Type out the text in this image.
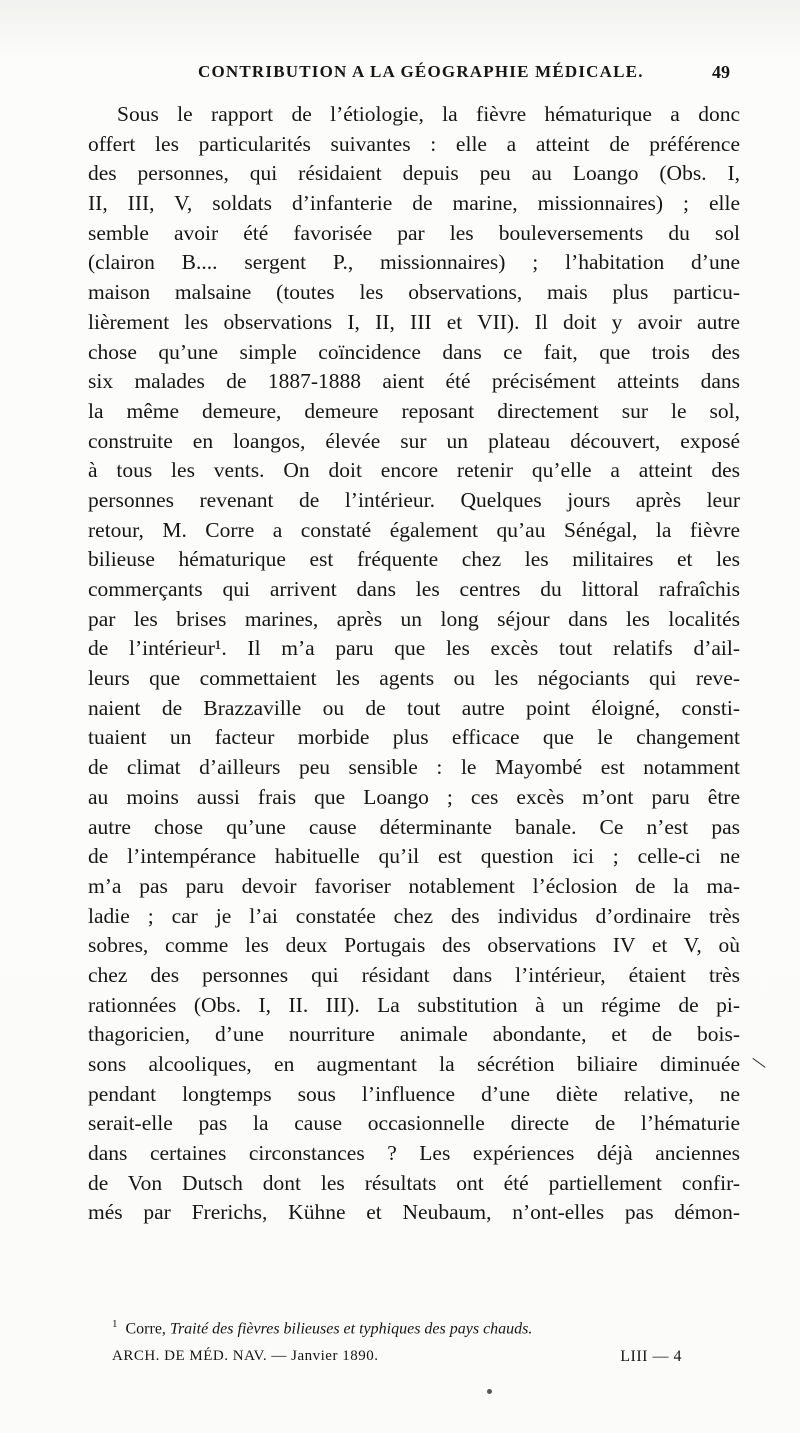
CONTRIBUTION A LA GÉOGRAPHIE MÉDICALE.	49
Sous le rapport de l’étiologie, la fièvre hématurique a donc
offert les particularités suivantes : elle a atteint de préférence
des personnes, qui résidaient depuis peu au Loango (Obs. I,
II, III, V, soldats d’infanterie de marine, missionnaires) ; elle
semble avoir été favorisée par les bouleversements du sol
(clairon B.... sergent P., missionnaires) ; l’habitation d’une
maison malsaine (toutes les observations, mais plus particu-
lièrement les observations I, II, III et VII). Il doit y avoir autre
chose qu’une simple coïncidence dans ce fait, que trois des
six malades de 1887-1888 aient été précisément atteints dans
la même demeure, demeure reposant directement sur le sol,
construite en loangos, élevée sur un plateau découvert, exposé
à tous les vents. On doit encore retenir qu’elle a atteint des
personnes revenant de l’intérieur. Quelques jours après leur
retour, M. Corre a constaté également qu’au Sénégal, la fièvre
bilieuse hématurique est fréquente chez les militaires et les
commerçants qui arrivent dans les centres du littoral rafraîchis
par les brises marines, après un long séjour dans les localités
de l’intérieur¹. Il m’a paru que les excès tout relatifs d’ail-
leurs que commettaient les agents ou les négociants qui reve-
naient de Brazzaville ou de tout autre point éloigné, consti-
tuaient un facteur morbide plus efficace que le changement
de climat d’ailleurs peu sensible : le Mayombé est notamment
au moins aussi frais que Loango ; ces excès m’ont paru être
autre chose qu’une cause déterminante banale. Ce n’est pas
de l’intempérance habituelle qu’il est question ici ; celle-ci ne
m’a pas paru devoir favoriser notablement l’éclosion de la ma-
ladie ; car je l’ai constatée chez des individus d’ordinaire très
sobres, comme les deux Portugais des observations IV et V, où
chez des personnes qui résidant dans l’intérieur, étaient très
rationnées (Obs. I, II. III). La substitution à un régime de pi-
thagoricien, d’une nourriture animale abondante, et de bois-
sons alcooliques, en augmentant la sécrétion biliaire diminuée
pendant longtemps sous l’influence d’une diète relative, ne
serait-elle pas la cause occasionnelle directe de l’hématurie
dans certaines circonstances ? Les expériences déjà anciennes
de Von Dutsch dont les résultats ont été partiellement confir-
més par Frerichs, Kühne et Neubaum, n’ont-elles pas démon-
\
$^1$ Corre, Traité des fièvres bilieuses et typhiques des pays chauds.
ARCH. DE MÉD. NAV. — Janvier 1890.	LIII — 4
